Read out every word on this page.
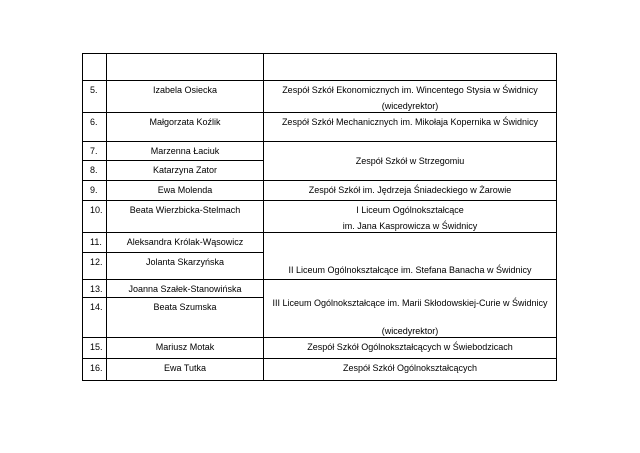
5.	Izabela Osiecka	Zespół Szkół Ekonomicznych im. Wincentego Stysia w Świdnicy
(wicedyrektor)

6.	Małgorzata Koźlik	Zespół Szkół Mechanicznych im. Mikołaja Kopernika w Świdnicy

7.	Marzenna Łaciuk	Zespół Szkół w Strzegomiu

8.	Katarzyna Zator	
9.	Ewa Molenda	Zespół Szkół im. Jędrzeja Śniadeckiego w Żarowie

10.	Beata Wierzbicka-Stelmach	I Liceum Ogólnokształcące
im. Jana Kasprowicza w Świdnicy

11.	Aleksandra Królak-Wąsowicz	II Liceum Ogólnokształcące im. Stefana Banacha w Świdnicy

12.	Jolanta Skarzyńska	
13.	Joanna Szałek-Stanowińska	III Liceum Ogólnokształcące im. Marii Skłodowskiej-Curie w Świdnicy
(wicedyrektor)

14.	Beata Szumska	
15.	Mariusz Motak	Zespół Szkół Ogólnokształcących w Świebodzicach

16.	Ewa Tutka	Zespół Szkół Ogólnokształcących
